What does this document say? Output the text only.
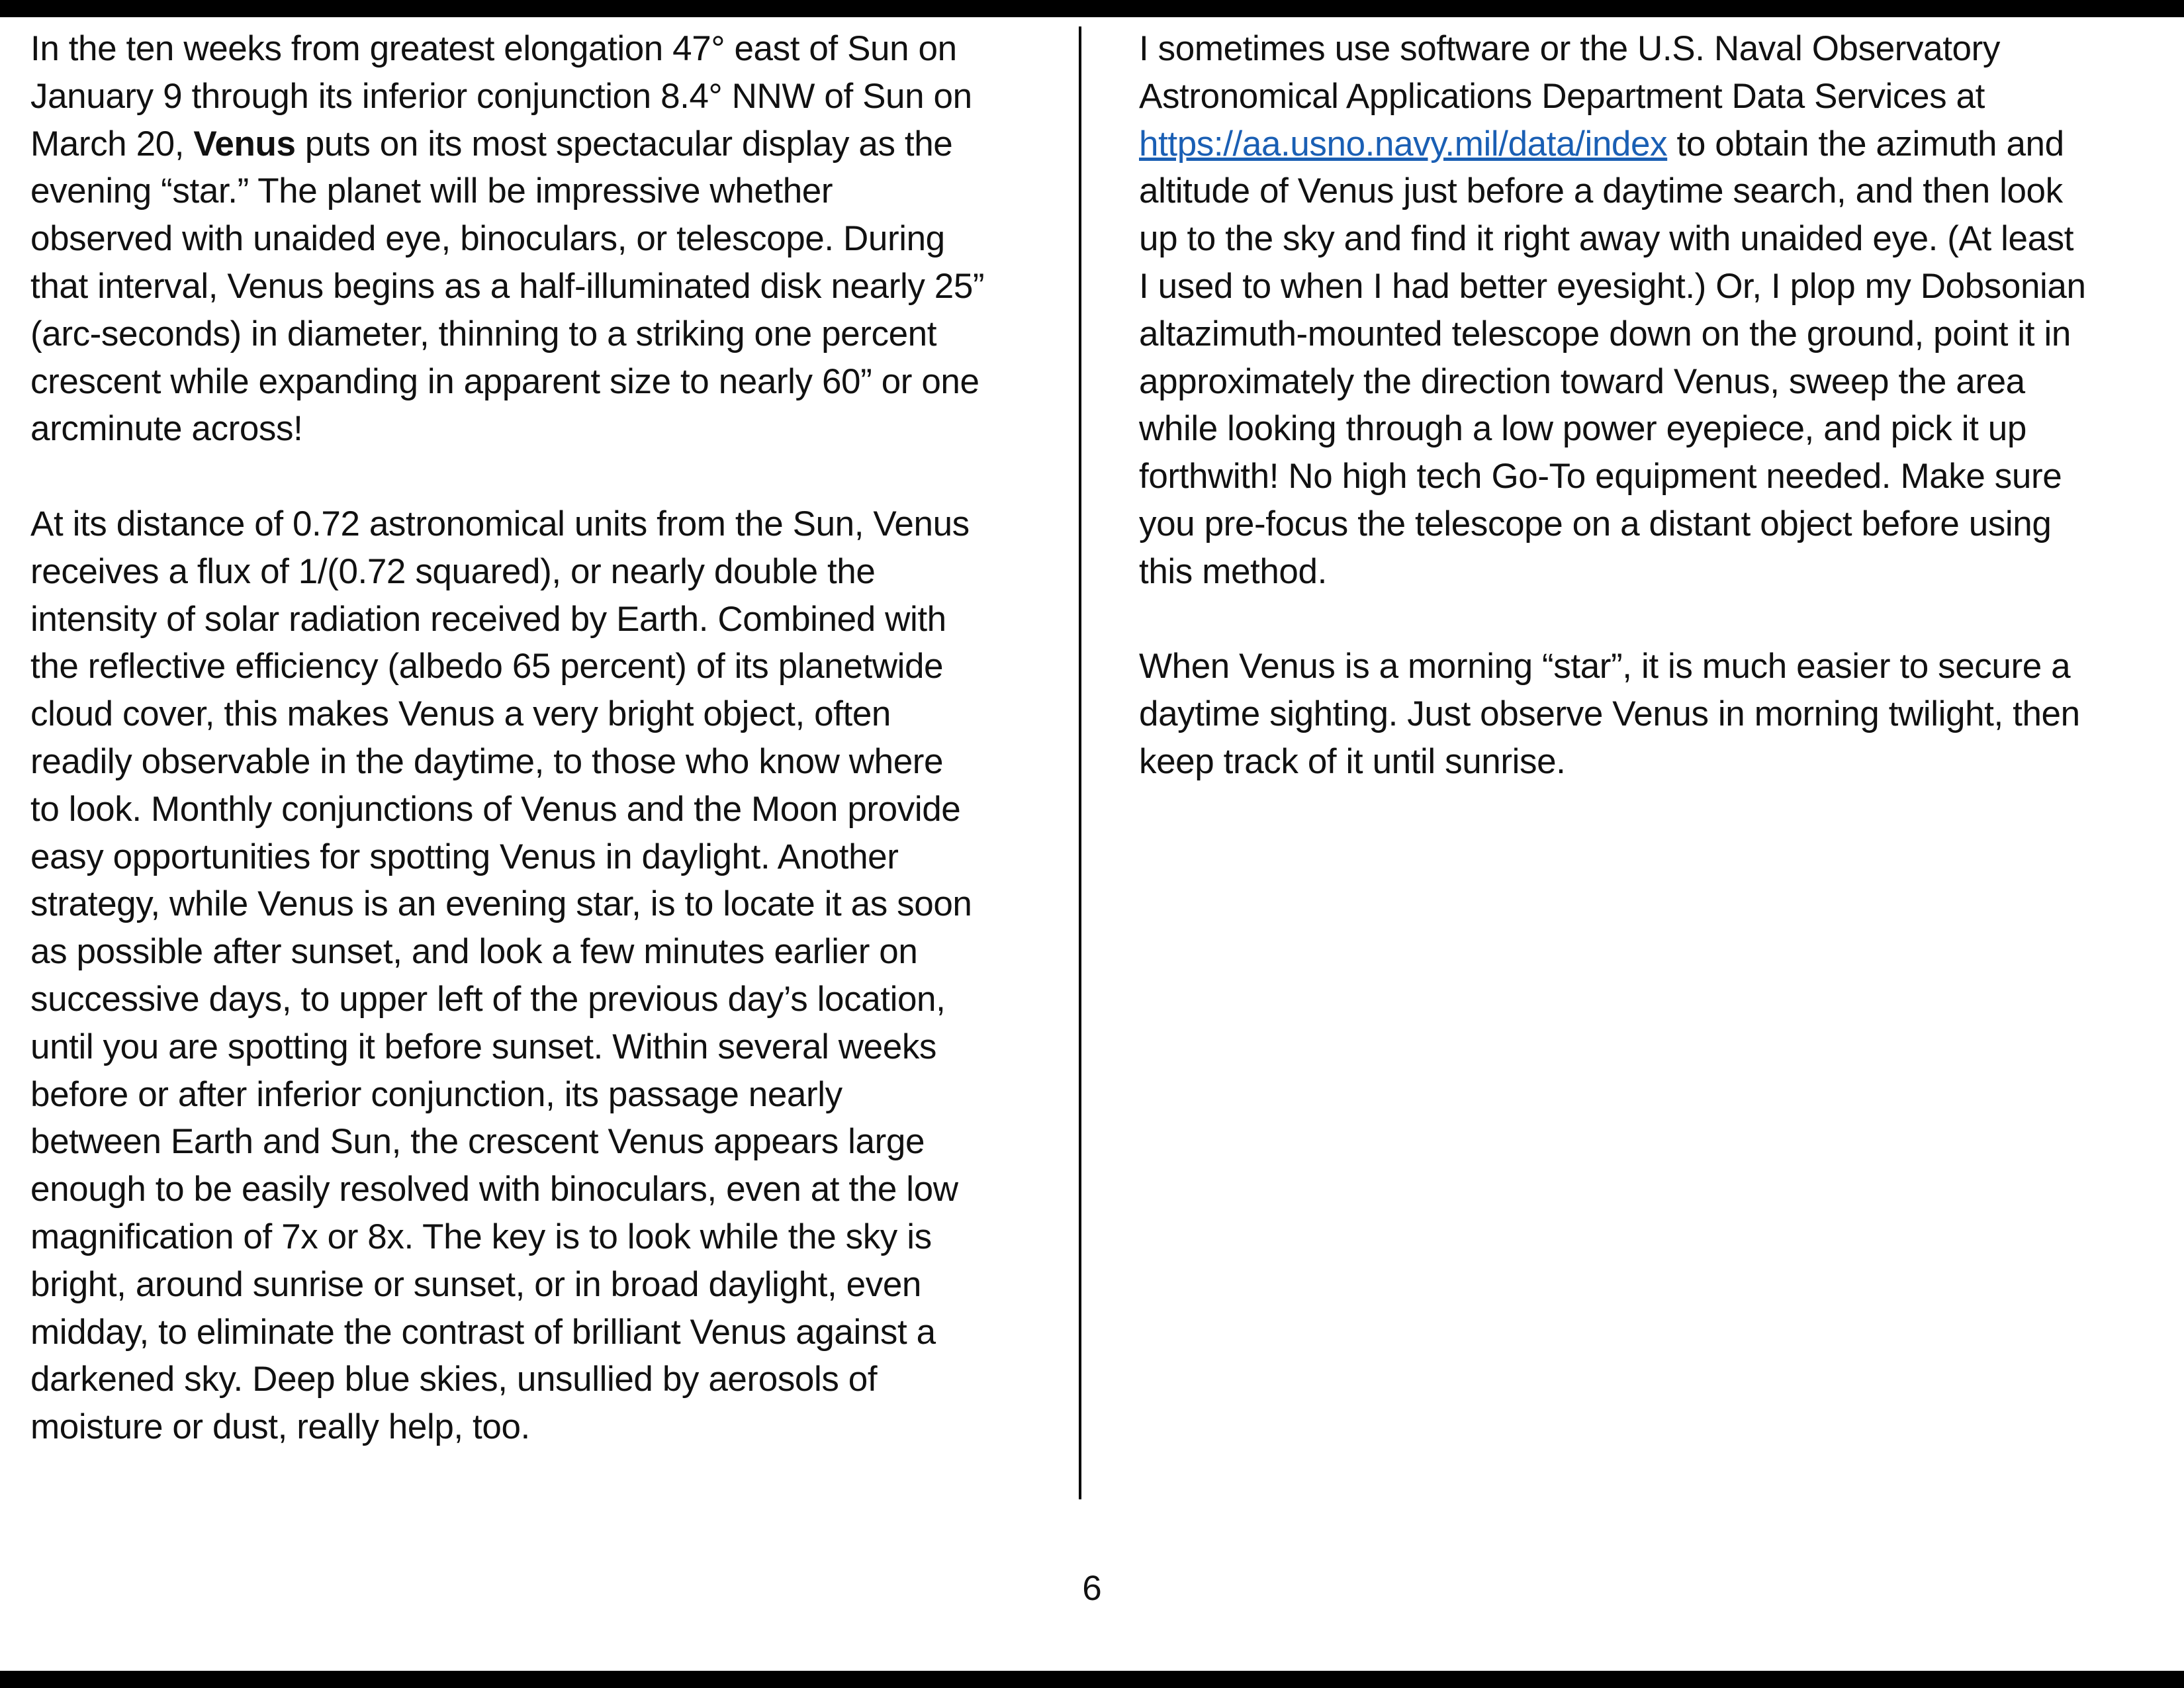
In the ten weeks from greatest elongation 47° east of Sun on
January 9 through its inferior conjunction 8.4° NNW of Sun on
March 20, Venus puts on its most spectacular display as the
evening “star.” The planet will be impressive whether
observed with unaided eye, binoculars, or telescope. During
that interval, Venus begins as a half-illuminated disk nearly 25”
(arc-seconds) in diameter, thinning to a striking one percent
crescent while expanding in apparent size to nearly 60” or one
arcminute across!

At its distance of 0.72 astronomical units from the Sun, Venus
receives a flux of 1/(0.72 squared), or nearly double the
intensity of solar radiation received by Earth. Combined with
the reflective efficiency (albedo 65 percent) of its planetwide
cloud cover, this makes Venus a very bright object, often
readily observable in the daytime, to those who know where
to look. Monthly conjunctions of Venus and the Moon provide
easy opportunities for spotting Venus in daylight. Another
strategy, while Venus is an evening star, is to locate it as soon
as possible after sunset, and look a few minutes earlier on
successive days, to upper left of the previous day’s location,
until you are spotting it before sunset. Within several weeks
before or after inferior conjunction, its passage nearly
between Earth and Sun, the crescent Venus appears large
enough to be easily resolved with binoculars, even at the low
magnification of 7x or 8x. The key is to look while the sky is
bright, around sunrise or sunset, or in broad daylight, even
midday, to eliminate the contrast of brilliant Venus against a
darkened sky. Deep blue skies, unsullied by aerosols of
moisture or dust, really help, too.

I sometimes use software or the U.S. Naval Observatory
Astronomical Applications Department Data Services at
https://aa.usno.navy.mil/data/index to obtain the azimuth and
altitude of Venus just before a daytime search, and then look
up to the sky and find it right away with unaided eye. (At least
I used to when I had better eyesight.) Or, I plop my Dobsonian
altazimuth-mounted telescope down on the ground, point it in
approximately the direction toward Venus, sweep the area
while looking through a low power eyepiece, and pick it up
forthwith! No high tech Go-To equipment needed. Make sure
you pre-focus the telescope on a distant object before using
this method.

When Venus is a morning “star”, it is much easier to secure a
daytime sighting. Just observe Venus in morning twilight, then
keep track of it until sunrise.

6
